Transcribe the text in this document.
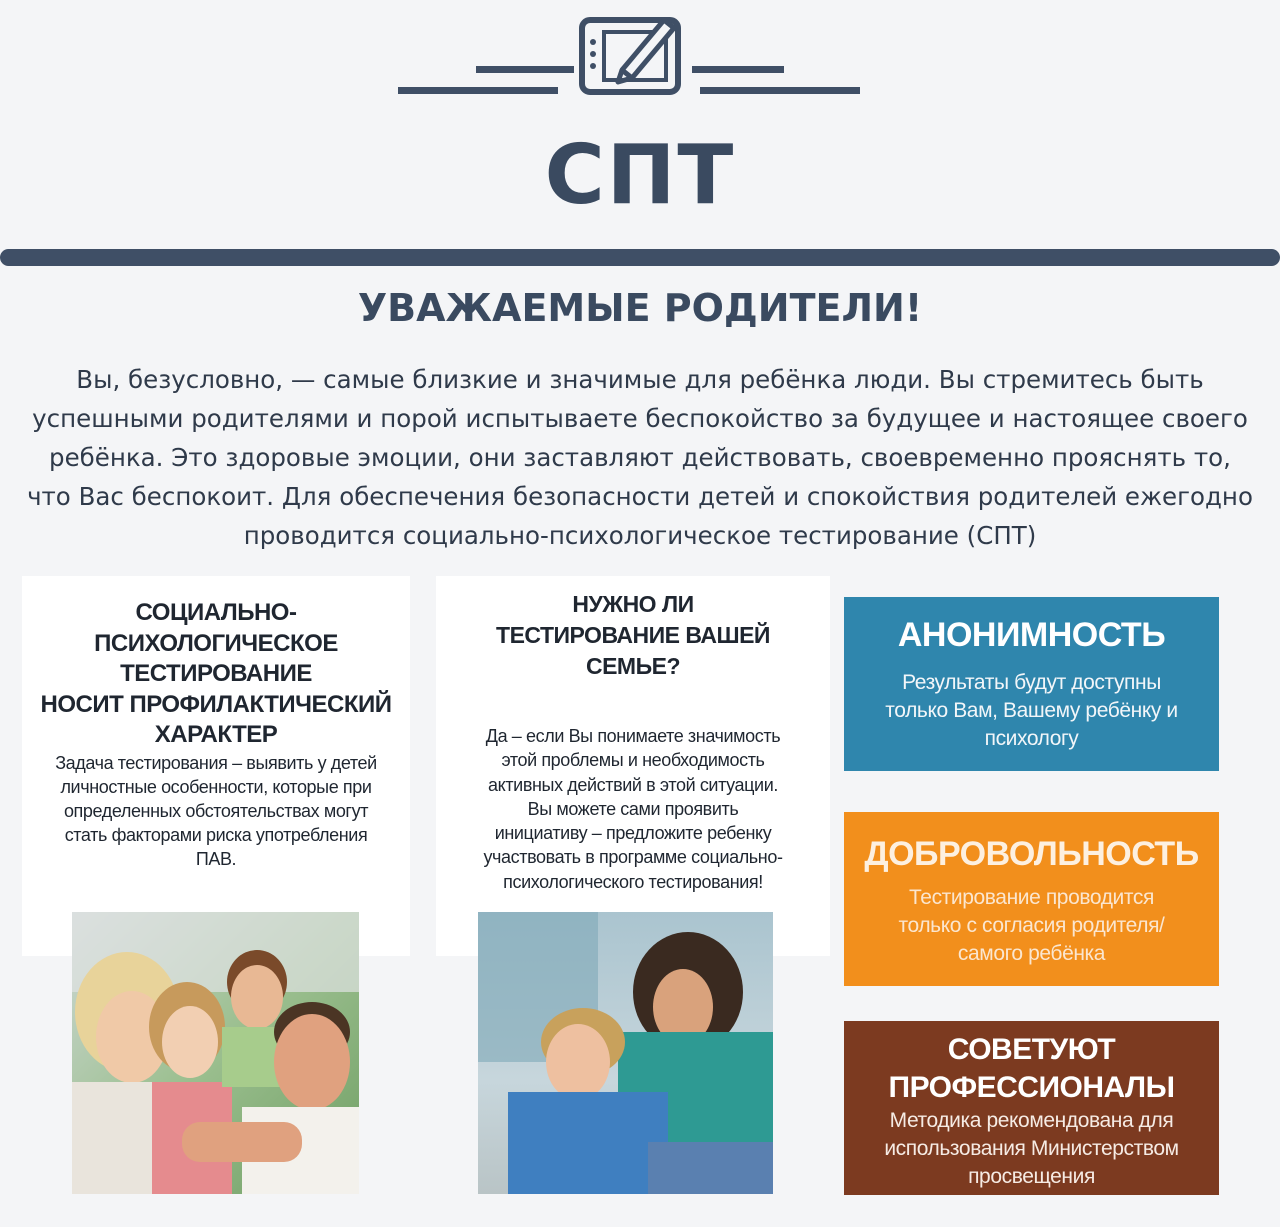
СПТ
УВАЖАЕМЫЕ РОДИТЕЛИ!
Вы, безусловно, — самые близкие и значимые для ребёнка люди. Вы стремитесь быть
успешными родителями и порой испытываете беспокойство за будущее и настоящее своего
ребёнка. Это здоровые эмоции, они заставляют действовать, своевременно прояснять то,
что Вас беспокоит. Для обеспечения безопасности детей и спокойствия родителей ежегодно
проводится социально-психологическое тестирование (СПТ)
СОЦИАЛЬНО-
ПСИХОЛОГИЧЕСКОЕ
ТЕСТИРОВАНИЕ
НОСИТ ПРОФИЛАКТИЧЕСКИЙ
ХАРАКТЕР
Задача тестирования – выявить у детей
личностные особенности, которые при
определенных обстоятельствах могут
стать факторами риска употребления
ПАВ.
НУЖНО ЛИ
ТЕСТИРОВАНИЕ ВАШЕЙ
СЕМЬЕ?
Да – если Вы понимаете значимость
этой проблемы и необходимость
активных действий в этой ситуации.
Вы можете сами проявить
инициативу – предложите ребенку
участвовать в программе социально-
психологического тестирования!
АНОНИМНОСТЬ
Результаты будут доступны
только Вам, Вашему ребёнку и
психологу
ДОБРОВОЛЬНОСТЬ
Тестирование проводится
только с согласия родителя/
самого ребёнка
СОВЕТУЮТ
ПРОФЕССИОНАЛЫ
Методика рекомендована для
использования Министерством
просвещения
